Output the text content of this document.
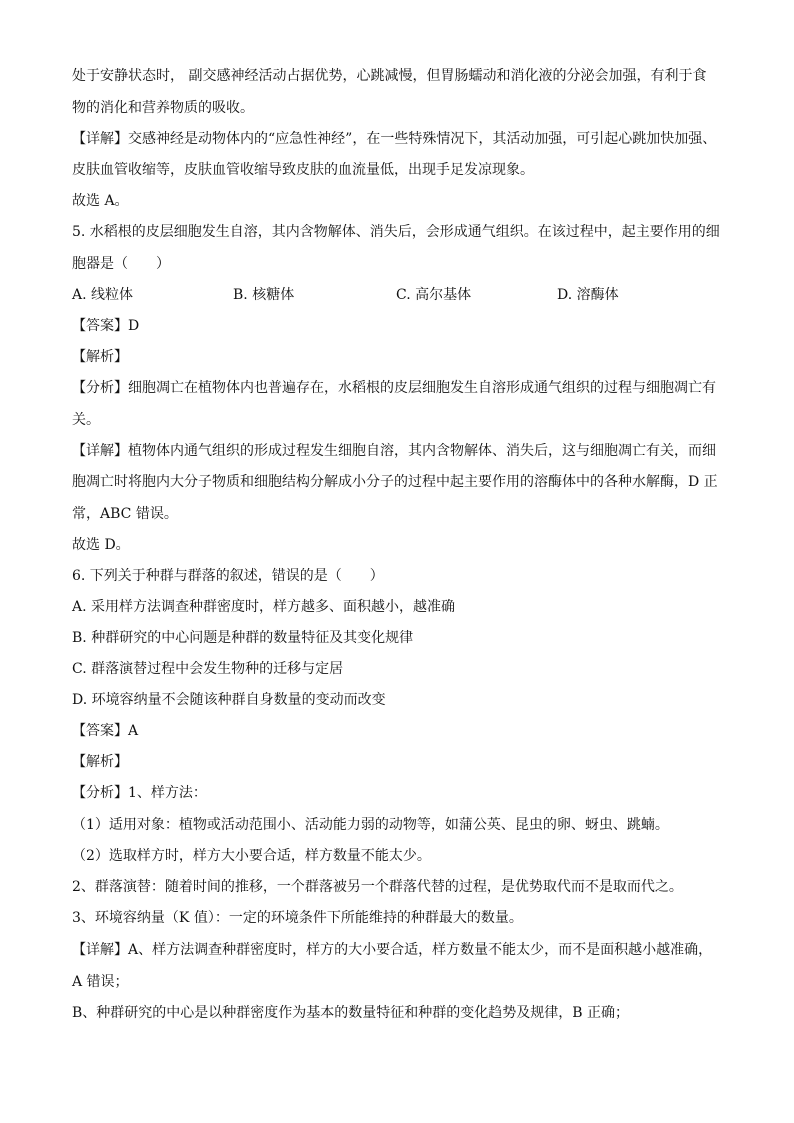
处于安静状态时， 副交感神经活动占据优势，心跳减慢，但胃肠蠕动和消化液的分泌会加强，有利于食
物的消化和营养物质的吸收。
【详解】交感神经是动物体内的“应急性神经”，在一些特殊情况下，其活动加强，可引起心跳加快加强、
皮肤血管收缩等，皮肤血管收缩导致皮肤的血流量低，出现手足发凉现象。
故选 A。
5. 水稻根的皮层细胞发生自溶，其内含物解体、消失后，会形成通气组织。在该过程中，起主要作用的细
胞器是（　　）
A. 线粒体	B. 核糖体	C. 高尔基体	D. 溶酶体
【答案】D
【解析】
【分析】细胞凋亡在植物体内也普遍存在，水稻根的皮层细胞发生自溶形成通气组织的过程与细胞凋亡有
关。
【详解】植物体内通气组织的形成过程发生细胞自溶，其内含物解体、消失后，这与细胞凋亡有关，而细
胞凋亡时将胞内大分子物质和细胞结构分解成小分子的过程中起主要作用的溶酶体中的各种水解酶，D 正
常，ABC 错误。
故选 D。
6. 下列关于种群与群落的叙述，错误的是（　　）
A. 采用样方法调查种群密度时，样方越多、面积越小，越准确
B. 种群研究的中心问题是种群的数量特征及其变化规律
C. 群落演替过程中会发生物种的迁移与定居
D. 环境容纳量不会随该种群自身数量的变动而改变
【答案】A
【解析】
【分析】1、样方法：
（1）适用对象：植物或活动范围小、活动能力弱的动物等，如蒲公英、昆虫的卵、蚜虫、跳蝻。
（2）选取样方时，样方大小要合适，样方数量不能太少。
2、群落演替：随着时间的推移，一个群落被另一个群落代替的过程，是优势取代而不是取而代之。
3、环境容纳量（K 值）：一定的环境条件下所能维持的种群最大的数量。
【详解】A、样方法调查种群密度时，样方的大小要合适，样方数量不能太少，而不是面积越小越准确，
A 错误；
B、种群研究的中心是以种群密度作为基本的数量特征和种群的变化趋势及规律，B 正确；
